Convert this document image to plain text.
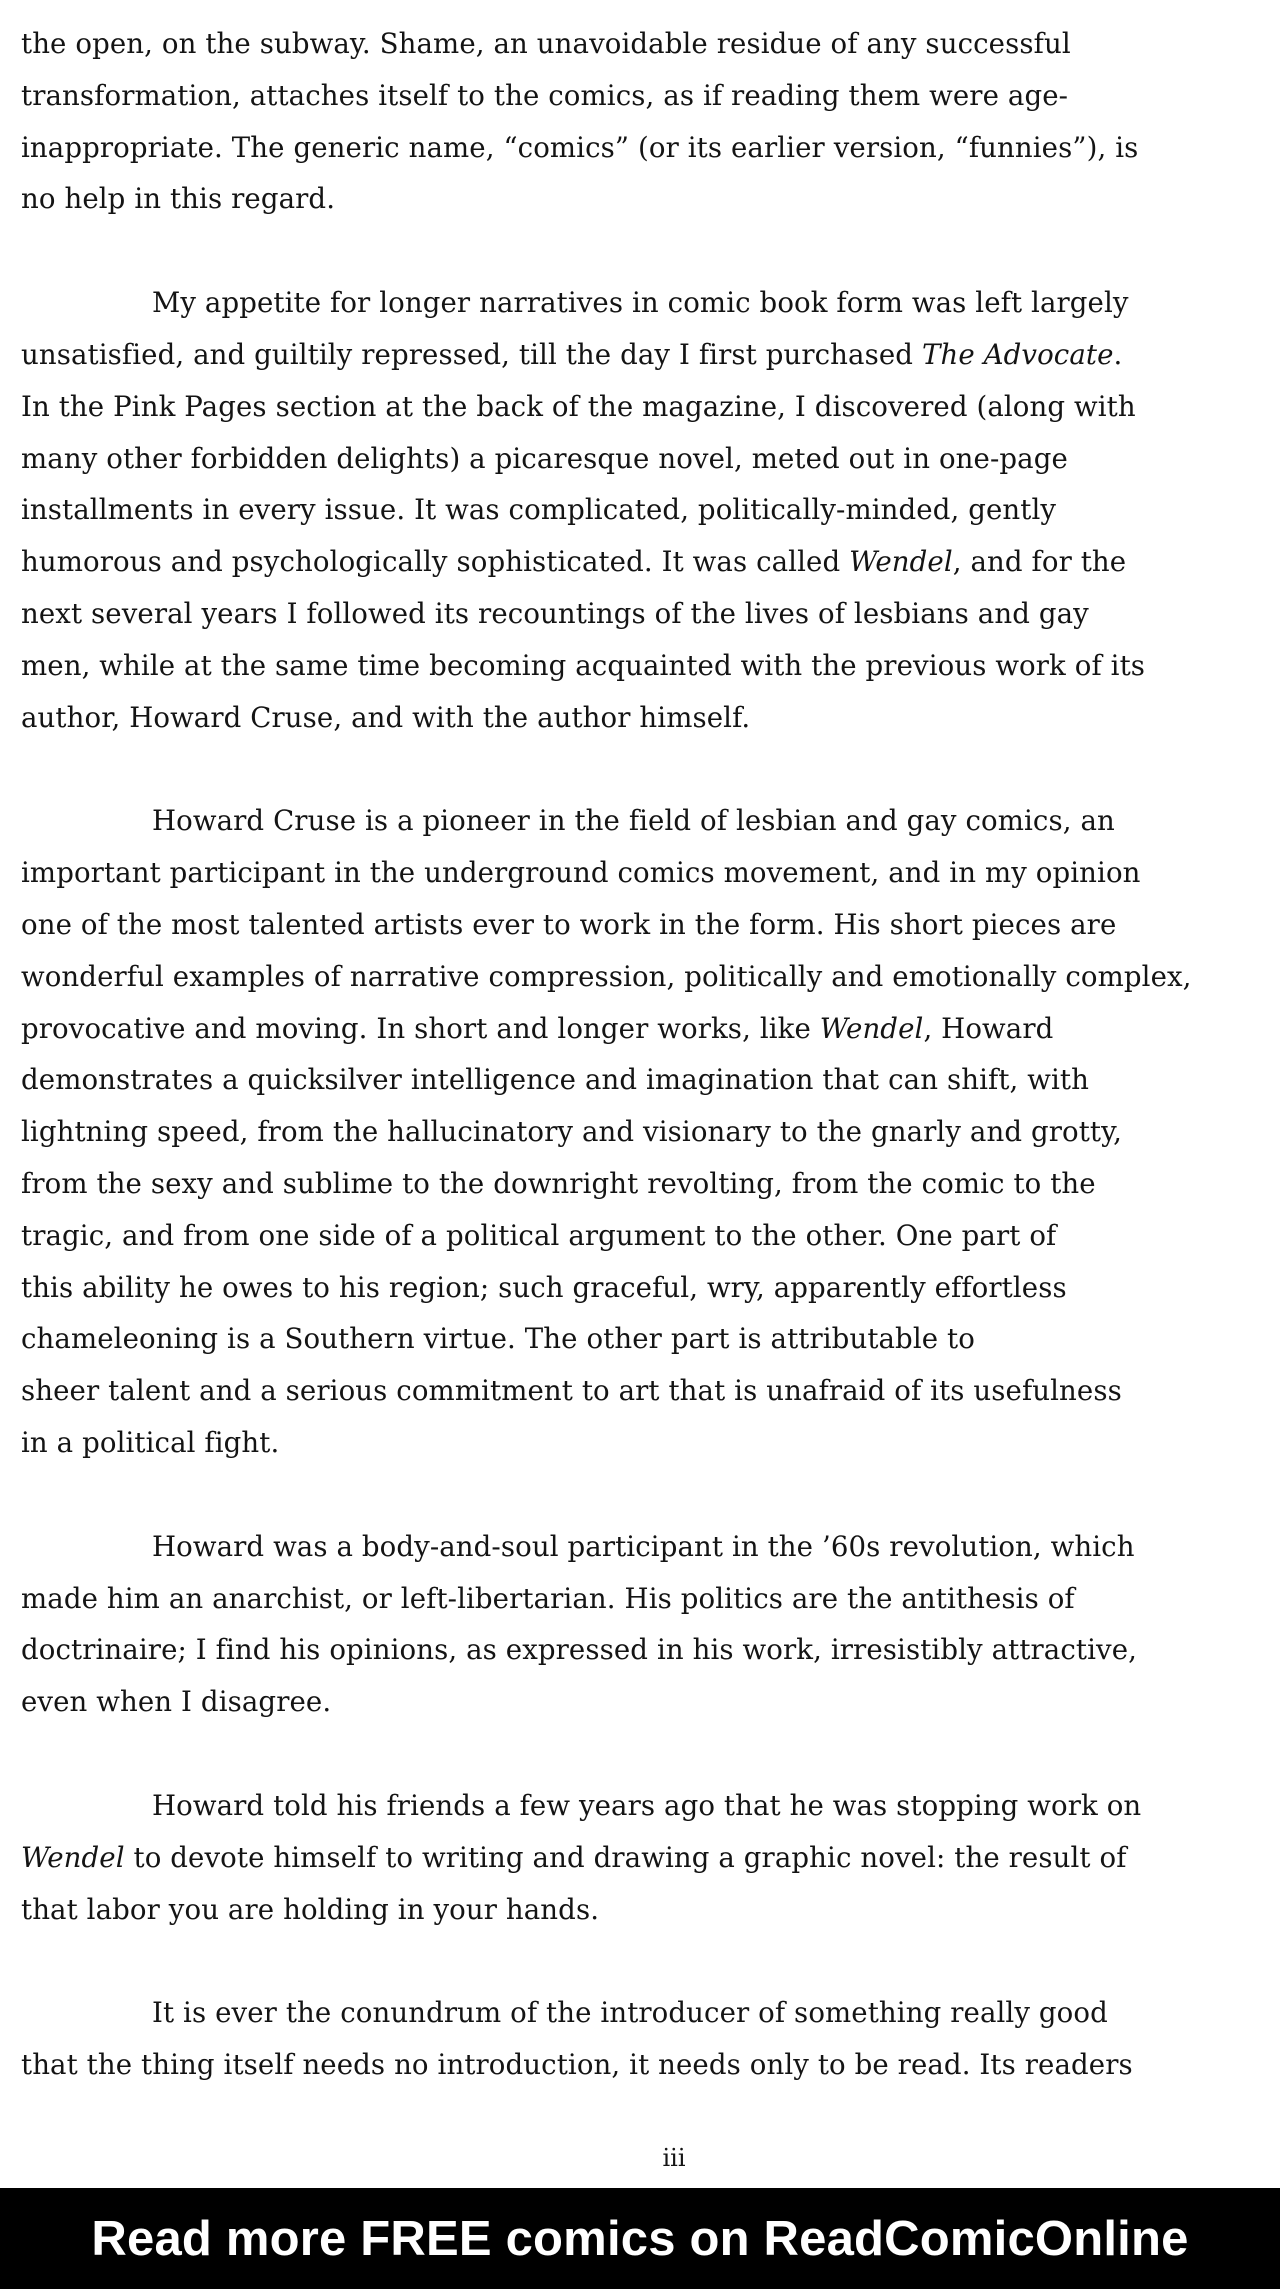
the open, on the subway. Shame, an unavoidable residue of any successful
transformation, attaches itself to the comics, as if reading them were age-
inappropriate. The generic name, “comics” (or its earlier version, “funnies”), is
no help in this regard.

My appetite for longer narratives in comic book form was left largely
unsatisfied, and guiltily repressed, till the day I first purchased The Advocate.
In the Pink Pages section at the back of the magazine, I discovered (along with
many other forbidden delights) a picaresque novel, meted out in one-page
installments in every issue. It was complicated, politically-minded, gently
humorous and psychologically sophisticated. It was called Wendel, and for the
next several years I followed its recountings of the lives of lesbians and gay
men, while at the same time becoming acquainted with the previous work of its
author, Howard Cruse, and with the author himself.

Howard Cruse is a pioneer in the field of lesbian and gay comics, an
important participant in the underground comics movement, and in my opinion
one of the most talented artists ever to work in the form. His short pieces are
wonderful examples of narrative compression, politically and emotionally complex,
provocative and moving. In short and longer works, like Wendel, Howard
demonstrates a quicksilver intelligence and imagination that can shift, with
lightning speed, from the hallucinatory and visionary to the gnarly and grotty,
from the sexy and sublime to the downright revolting, from the comic to the
tragic, and from one side of a political argument to the other. One part of
this ability he owes to his region; such graceful, wry, apparently effortless
chameleoning is a Southern virtue. The other part is attributable to
sheer talent and a serious commitment to art that is unafraid of its usefulness
in a political fight.

Howard was a body-and-soul participant in the ’60s revolution, which
made him an anarchist, or left-libertarian. His politics are the antithesis of
doctrinaire; I find his opinions, as expressed in his work, irresistibly attractive,
even when I disagree.

Howard told his friends a few years ago that he was stopping work on
Wendel to devote himself to writing and drawing a graphic novel: the result of
that labor you are holding in your hands.

It is ever the conundrum of the introducer of something really good
that the thing itself needs no introduction, it needs only to be read. Its readers

iii
Read more FREE comics on ReadComicOnline
